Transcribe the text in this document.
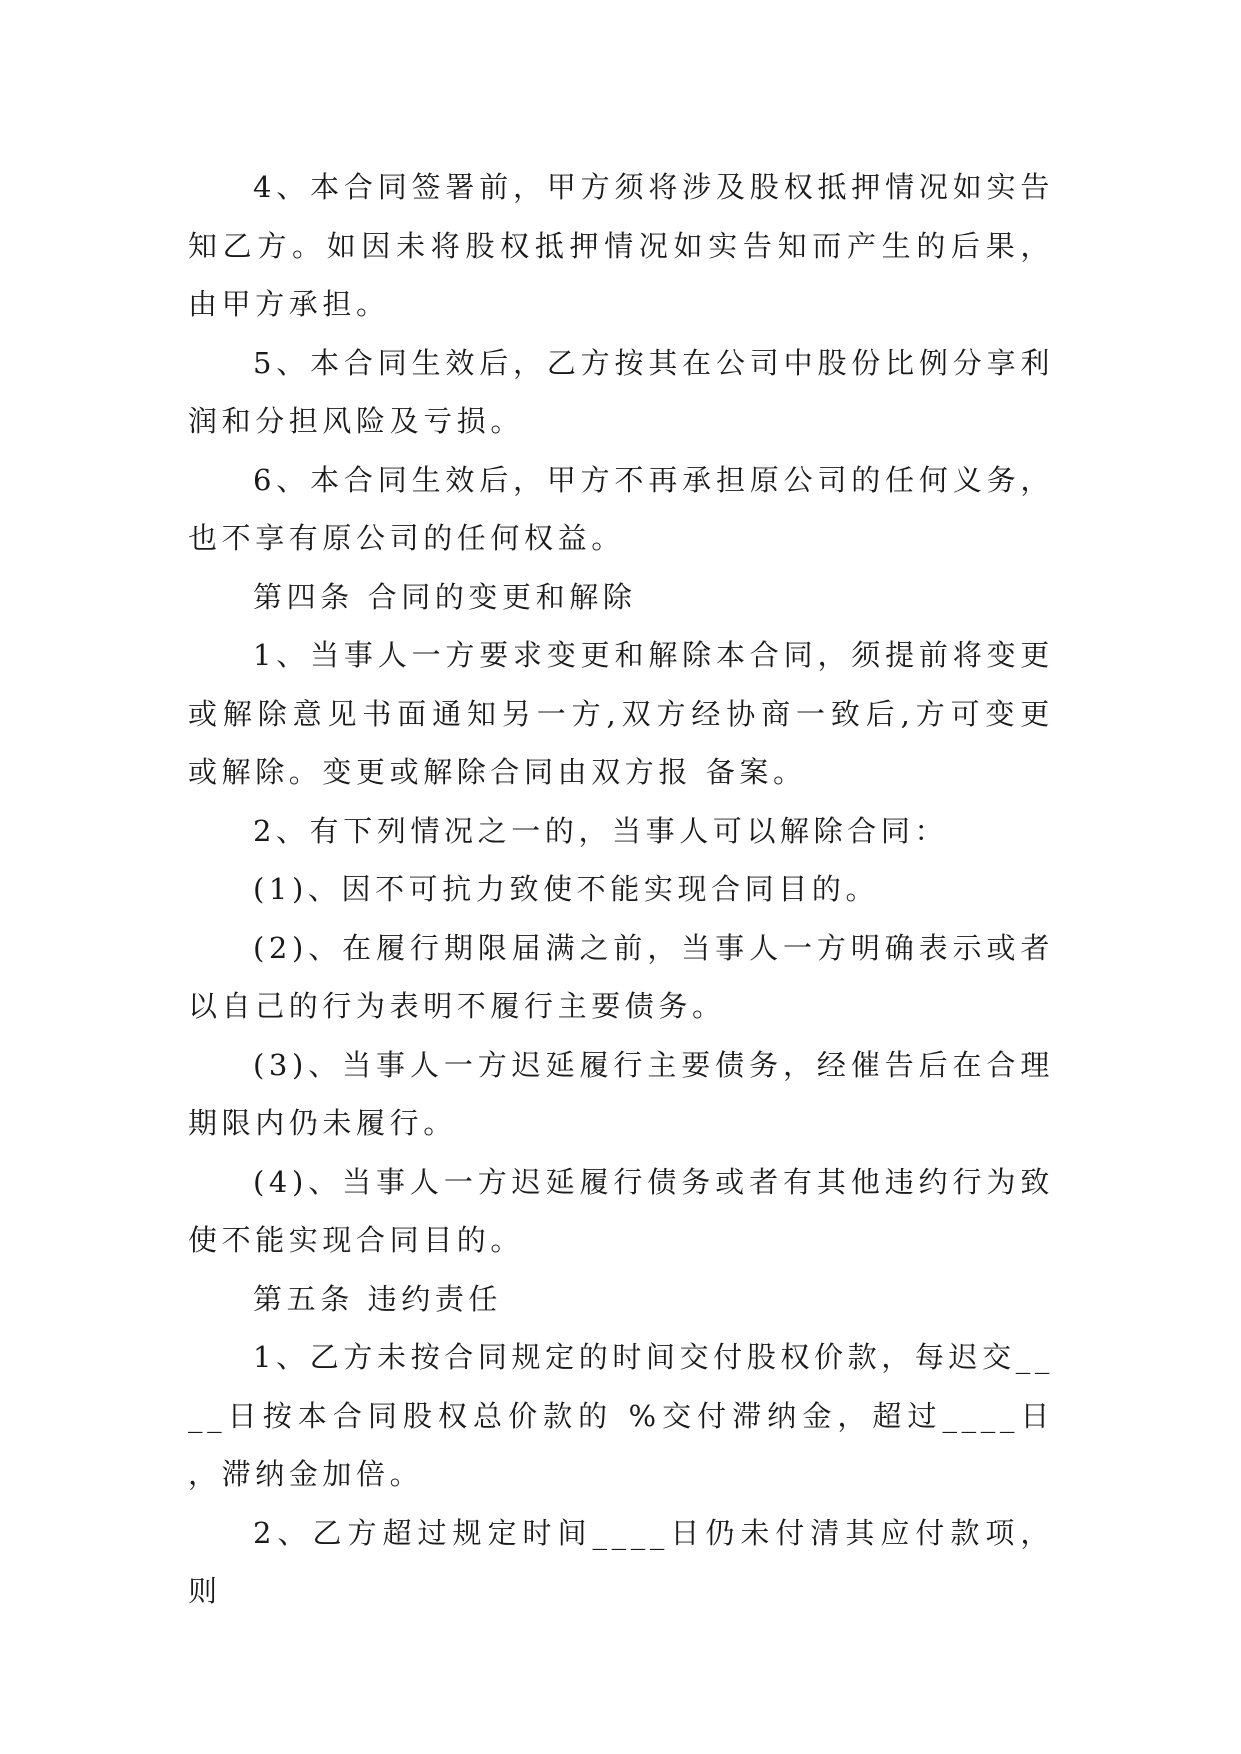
4、本合同签署前，甲方须将涉及股权抵押情况如实告知乙方。如因未将股权抵押情况如实告知而产生的后果，由甲方承担。

5、本合同生效后，乙方按其在公司中股份比例分享利润和分担风险及亏损。

6、本合同生效后，甲方不再承担原公司的任何义务，也不享有原公司的任何权益。

第四条 合同的变更和解除

1、当事人一方要求变更和解除本合同，须提前将变更或解除意见书面通知另一方,双方经协商一致后,方可变更或解除。变更或解除合同由双方报 备案。

2、有下列情况之一的，当事人可以解除合同：

(1)、因不可抗力致使不能实现合同目的。

(2)、在履行期限届满之前，当事人一方明确表示或者以自己的行为表明不履行主要债务。

(3)、当事人一方迟延履行主要债务，经催告后在合理期限内仍未履行。

(4)、当事人一方迟延履行债务或者有其他违约行为致使不能实现合同目的。

第五条 违约责任

1、乙方未按合同规定的时间交付股权价款，每迟交____日按本合同股权总价款的 %交付滞纳金，超过____日，滞纳金加倍。

2、乙方超过规定时间____日仍未付清其应付款项，则
